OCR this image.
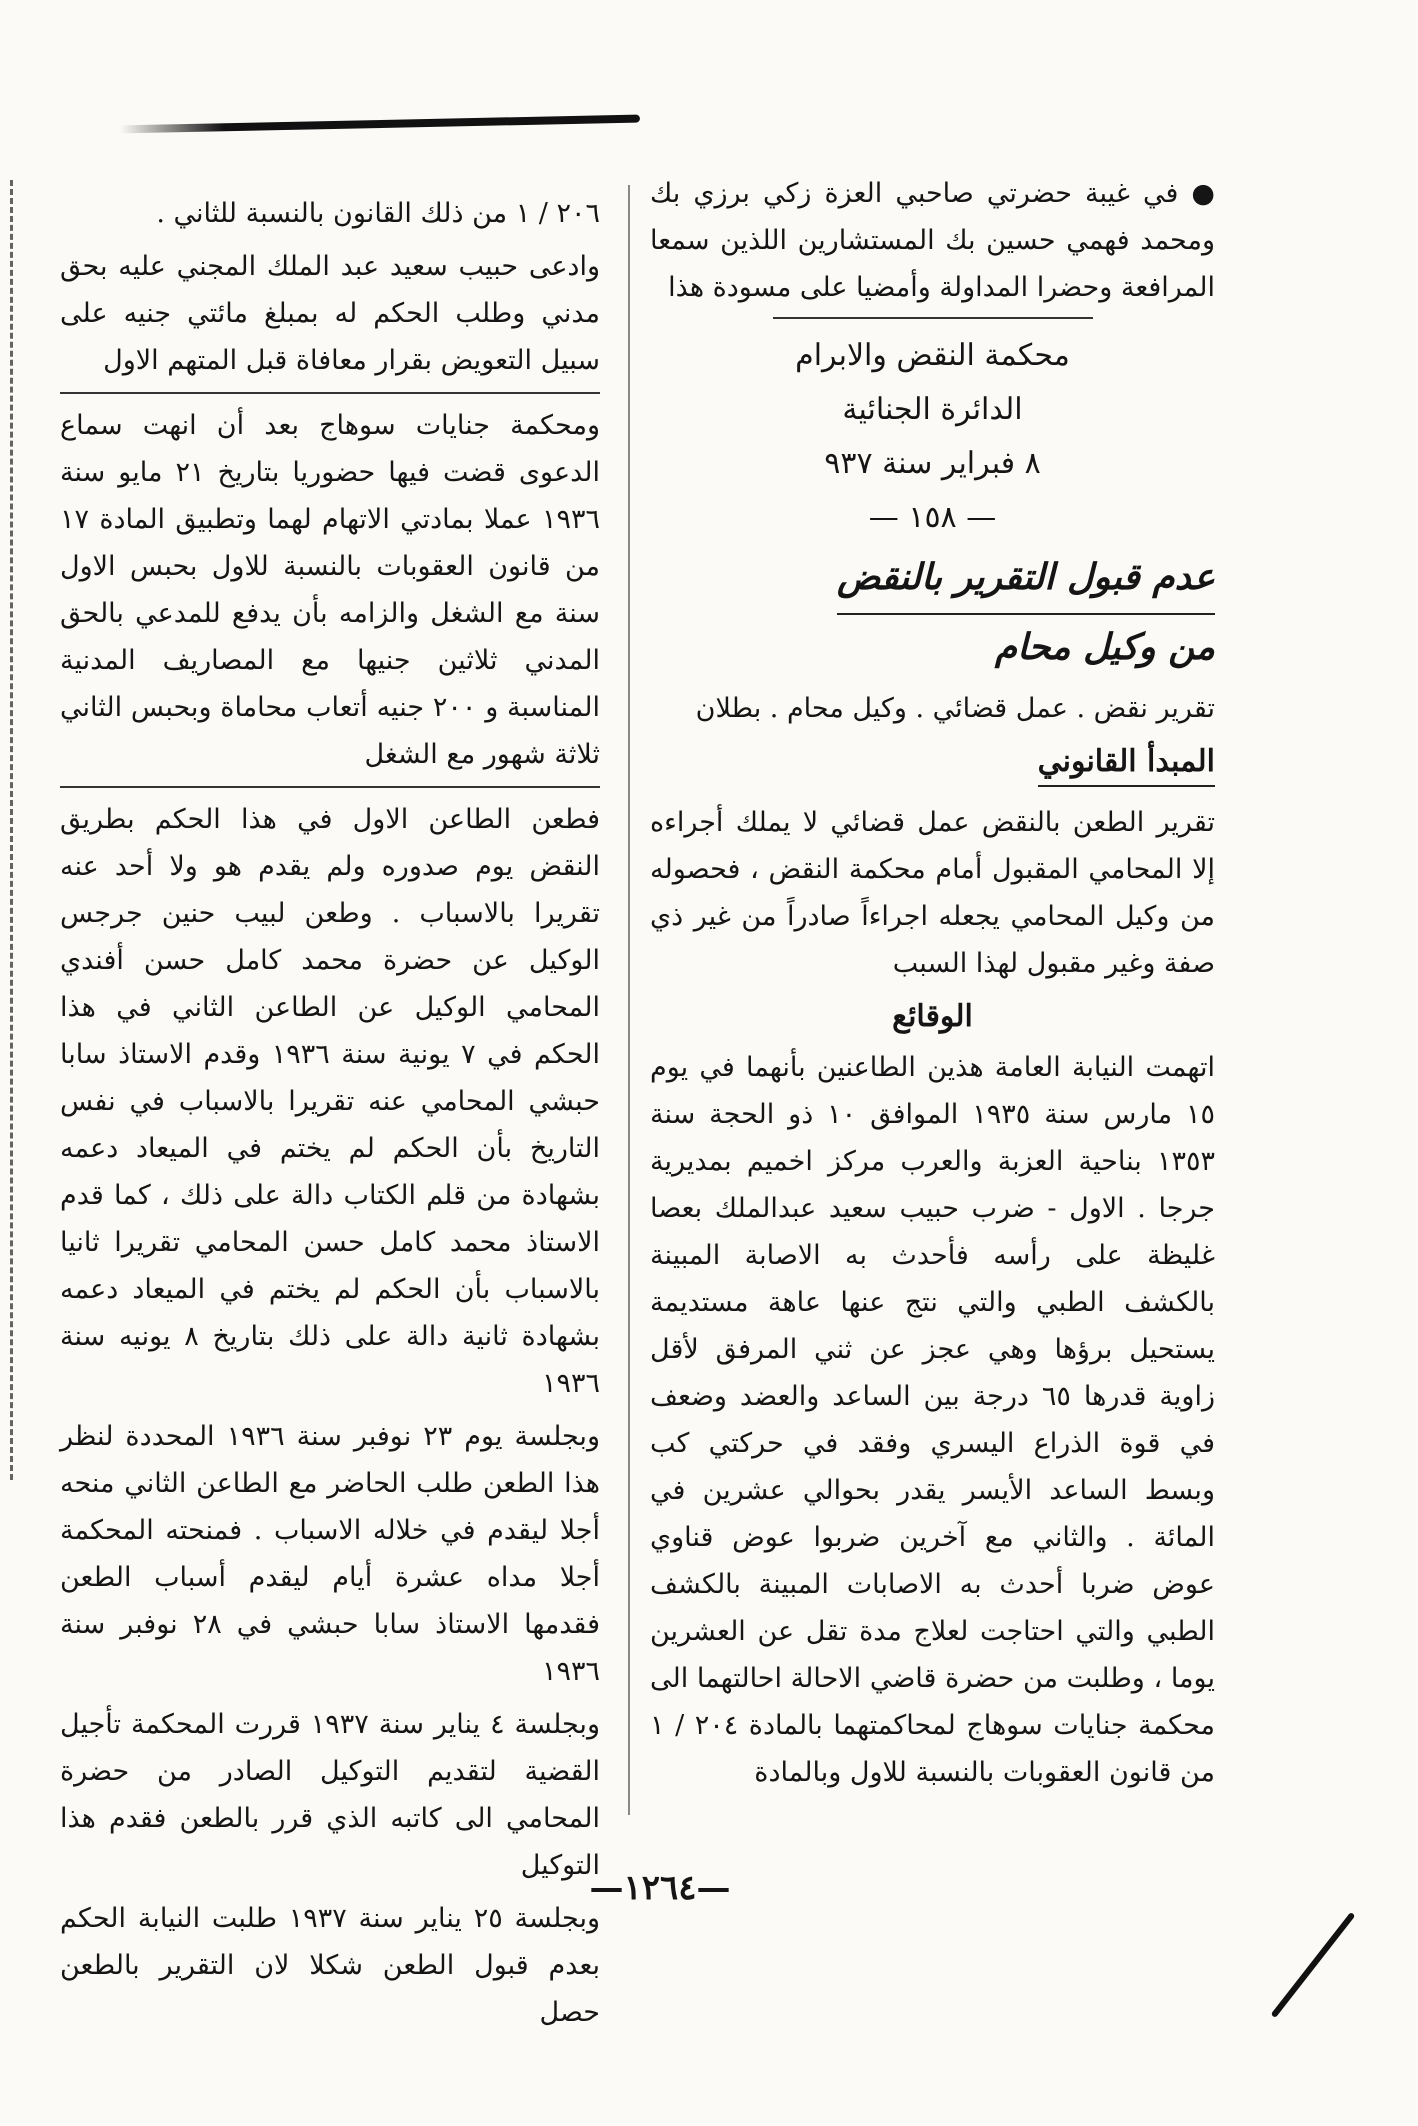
● في غيبة حضرتي صاحبي العزة زكي برزي بك ومحمد فهمي حسين بك المستشارين اللذين سمعا المرافعة وحضرا المداولة وأمضيا على مسودة هذا

محكمة النقض والابرام
الدائرة الجنائية
٨ فبراير سنة ٩٣٧
— ١٥٨ —
عدم قبول التقرير بالنقض
من وكيل محام

تقرير نقض . عمل قضائي . وكيل محام . بطلان

المبدأ القانوني

تقرير الطعن بالنقض عمل قضائي لا يملك أجراءه إلا المحامي المقبول أمام محكمة النقض ، فحصوله من وكيل المحامي يجعله اجراءاً صادراً من غير ذي صفة وغير مقبول لهذا السبب

الوقائع

اتهمت النيابة العامة هذين الطاعنين بأنهما في يوم ١٥ مارس سنة ١٩٣٥ الموافق ١٠ ذو الحجة سنة ١٣٥٣ بناحية العزبة والعرب مركز اخميم بمديرية جرجا . الاول - ضرب حبيب سعيد عبدالملك بعصا غليظة على رأسه فأحدث به الاصابة المبينة بالكشف الطبي والتي نتج عنها عاهة مستديمة يستحيل برؤها وهي عجز عن ثني المرفق لأقل زاوية قدرها ٦٥ درجة بين الساعد والعضد وضعف في قوة الذراع اليسري وفقد في حركتي كب وبسط الساعد الأيسر يقدر بحوالي عشرين في المائة . والثاني مع آخرين ضربوا عوض قناوي عوض ضربا أحدث به الاصابات المبينة بالكشف الطبي والتي احتاجت لعلاج مدة تقل عن العشرين يوما ، وطلبت من حضرة قاضي الاحالة احالتهما الى محكمة جنايات سوهاج لمحاكمتهما بالمادة ٢٠٤ / ١ من قانون العقوبات بالنسبة للاول وبالمادة

٢٠٦ / ١ من ذلك القانون بالنسبة للثاني .

وادعى حبيب سعيد عبد الملك المجني عليه بحق مدني وطلب الحكم له بمبلغ مائتي جنيه على سبيل التعويض بقرار معافاة قبل المتهم الاول

ومحكمة جنايات سوهاج بعد أن انهت سماع الدعوى قضت فيها حضوريا بتاريخ ٢١ مايو سنة ١٩٣٦ عملا بمادتي الاتهام لهما وتطبيق المادة ١٧ من قانون العقوبات بالنسبة للاول بحبس الاول سنة مع الشغل والزامه بأن يدفع للمدعي بالحق المدني ثلاثين جنيها مع المصاريف المدنية المناسبة و ٢٠٠ جنيه أتعاب محاماة وبحبس الثاني ثلاثة شهور مع الشغل

فطعن الطاعن الاول في هذا الحكم بطريق النقض يوم صدوره ولم يقدم هو ولا أحد عنه تقريرا بالاسباب . وطعن لبيب حنين جرجس الوكيل عن حضرة محمد كامل حسن أفندي المحامي الوكيل عن الطاعن الثاني في هذا الحكم في ٧ يونية سنة ١٩٣٦ وقدم الاستاذ سابا حبشي المحامي عنه تقريرا بالاسباب في نفس التاريخ بأن الحكم لم يختم في الميعاد دعمه بشهادة من قلم الكتاب دالة على ذلك ، كما قدم الاستاذ محمد كامل حسن المحامي تقريرا ثانيا بالاسباب بأن الحكم لم يختم في الميعاد دعمه بشهادة ثانية دالة على ذلك بتاريخ ٨ يونيه سنة ١٩٣٦

وبجلسة يوم ٢٣ نوفبر سنة ١٩٣٦ المحددة لنظر هذا الطعن طلب الحاضر مع الطاعن الثاني منحه أجلا ليقدم في خلاله الاسباب . فمنحته المحكمة أجلا مداه عشرة أيام ليقدم أسباب الطعن فقدمها الاستاذ سابا حبشي في ٢٨ نوفبر سنة ١٩٣٦

وبجلسة ٤ يناير سنة ١٩٣٧ قررت المحكمة تأجيل القضية لتقديم التوكيل الصادر من حضرة المحامي الى كاتبه الذي قرر بالطعن فقدم هذا التوكيل

وبجلسة ٢٥ يناير سنة ١٩٣٧ طلبت النيابة الحكم بعدم قبول الطعن شكلا لان التقرير بالطعن حصل

—١٢٦٤—
